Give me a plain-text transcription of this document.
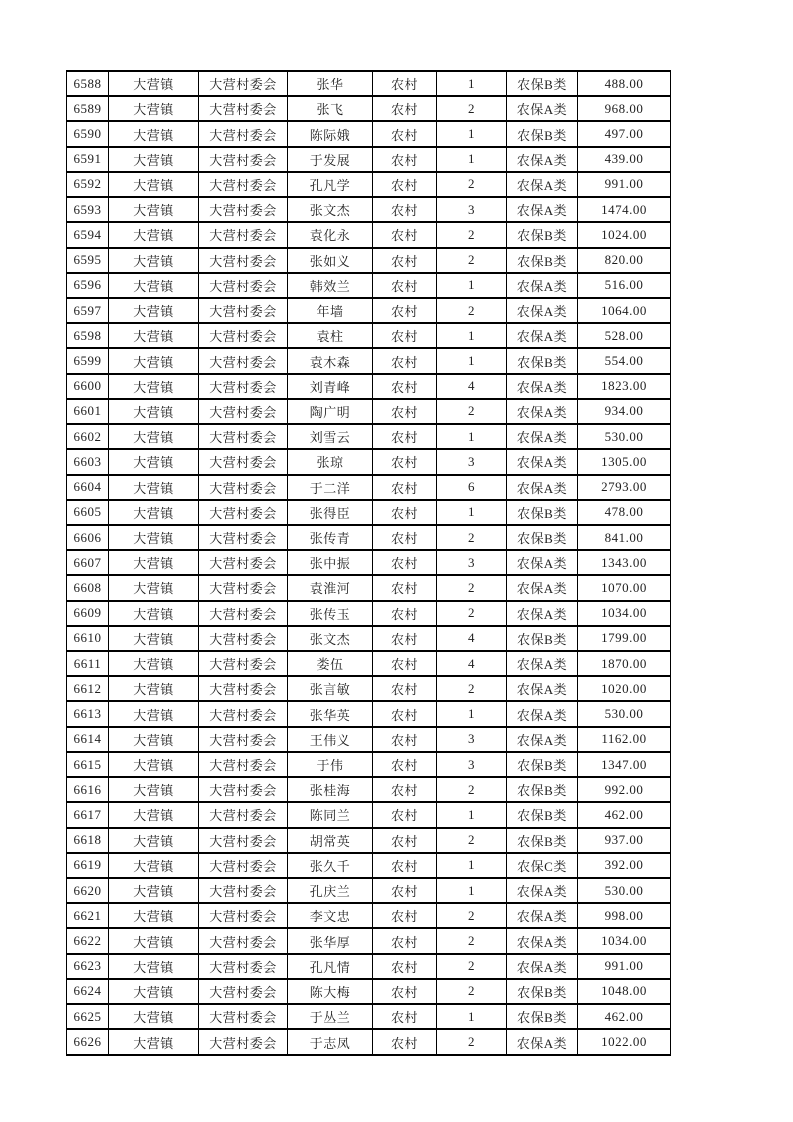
6588	大营镇	大营村委会	张华	农村	1	农保B类	488.00
6589	大营镇	大营村委会	张飞	农村	2	农保A类	968.00
6590	大营镇	大营村委会	陈际娥	农村	1	农保B类	497.00
6591	大营镇	大营村委会	于发展	农村	1	农保A类	439.00
6592	大营镇	大营村委会	孔凡学	农村	2	农保A类	991.00
6593	大营镇	大营村委会	张文杰	农村	3	农保A类	1474.00
6594	大营镇	大营村委会	袁化永	农村	2	农保B类	1024.00
6595	大营镇	大营村委会	张如义	农村	2	农保B类	820.00
6596	大营镇	大营村委会	韩效兰	农村	1	农保A类	516.00
6597	大营镇	大营村委会	年墙	农村	2	农保A类	1064.00
6598	大营镇	大营村委会	袁柱	农村	1	农保A类	528.00
6599	大营镇	大营村委会	袁木森	农村	1	农保B类	554.00
6600	大营镇	大营村委会	刘青峰	农村	4	农保A类	1823.00
6601	大营镇	大营村委会	陶广明	农村	2	农保A类	934.00
6602	大营镇	大营村委会	刘雪云	农村	1	农保A类	530.00
6603	大营镇	大营村委会	张琼	农村	3	农保A类	1305.00
6604	大营镇	大营村委会	于二洋	农村	6	农保A类	2793.00
6605	大营镇	大营村委会	张得臣	农村	1	农保B类	478.00
6606	大营镇	大营村委会	张传青	农村	2	农保B类	841.00
6607	大营镇	大营村委会	张中振	农村	3	农保A类	1343.00
6608	大营镇	大营村委会	袁淮河	农村	2	农保A类	1070.00
6609	大营镇	大营村委会	张传玉	农村	2	农保A类	1034.00
6610	大营镇	大营村委会	张文杰	农村	4	农保B类	1799.00
6611	大营镇	大营村委会	娄伍	农村	4	农保A类	1870.00
6612	大营镇	大营村委会	张言敏	农村	2	农保A类	1020.00
6613	大营镇	大营村委会	张华英	农村	1	农保A类	530.00
6614	大营镇	大营村委会	王伟义	农村	3	农保A类	1162.00
6615	大营镇	大营村委会	于伟	农村	3	农保B类	1347.00
6616	大营镇	大营村委会	张桂海	农村	2	农保B类	992.00
6617	大营镇	大营村委会	陈同兰	农村	1	农保B类	462.00
6618	大营镇	大营村委会	胡常英	农村	2	农保B类	937.00
6619	大营镇	大营村委会	张久千	农村	1	农保C类	392.00
6620	大营镇	大营村委会	孔庆兰	农村	1	农保A类	530.00
6621	大营镇	大营村委会	李文忠	农村	2	农保A类	998.00
6622	大营镇	大营村委会	张华厚	农村	2	农保A类	1034.00
6623	大营镇	大营村委会	孔凡情	农村	2	农保A类	991.00
6624	大营镇	大营村委会	陈大梅	农村	2	农保B类	1048.00
6625	大营镇	大营村委会	于丛兰	农村	1	农保B类	462.00
6626	大营镇	大营村委会	于志凤	农村	2	农保A类	1022.00
